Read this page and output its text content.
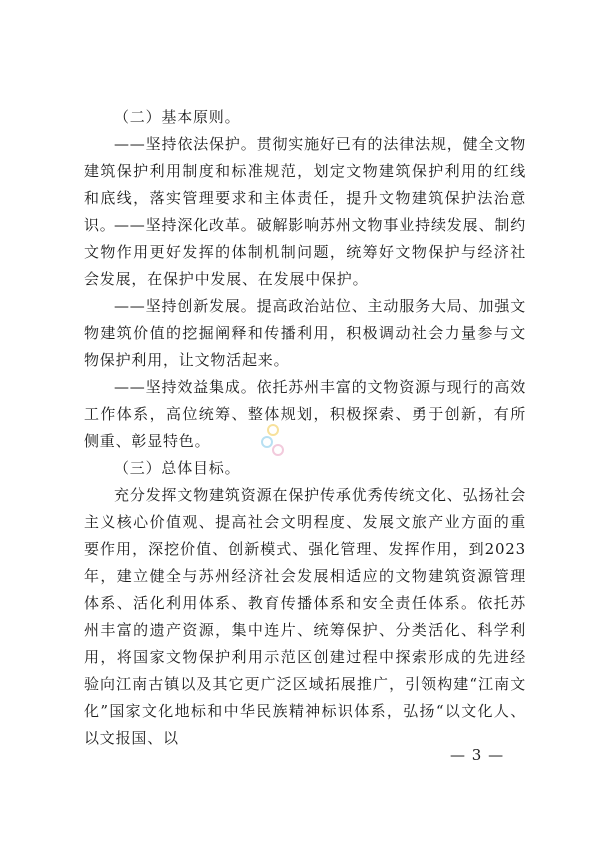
（二）基本原则。
——坚持依法保护。贯彻实施好已有的法律法规，健全文物建筑保护利用制度和标准规范，划定文物建筑保护利用的红线和底线，落实管理要求和主体责任，提升文物建筑保护法治意识。
——坚持深化改革。破解影响苏州文物事业持续发展、制约文物作用更好发挥的体制机制问题，统筹好文物保护与经济社会发展，在保护中发展、在发展中保护。
——坚持创新发展。提高政治站位、主动服务大局、加强文物建筑价值的挖掘阐释和传播利用，积极调动社会力量参与文物保护利用，让文物活起来。
——坚持效益集成。依托苏州丰富的文物资源与现行的高效工作体系，高位统筹、整体规划，积极探索、勇于创新，有所侧重、彰显特色。
（三）总体目标。
充分发挥文物建筑资源在保护传承优秀传统文化、弘扬社会主义核心价值观、提高社会文明程度、发展文旅产业方面的重要作用，深挖价值、创新模式、强化管理、发挥作用，到2023年，建立健全与苏州经济社会发展相适应的文物建筑资源管理体系、活化利用体系、教育传播体系和安全责任体系。依托苏州丰富的遗产资源，集中连片、统筹保护、分类活化、科学利用，将国家文物保护利用示范区创建过程中探索形成的先进经验向江南古镇以及其它更广泛区域拓展推广，引领构建“江南文化”国家文化地标和中华民族精神标识体系，弘扬“以文化人、以文报国、以
— 3 —
